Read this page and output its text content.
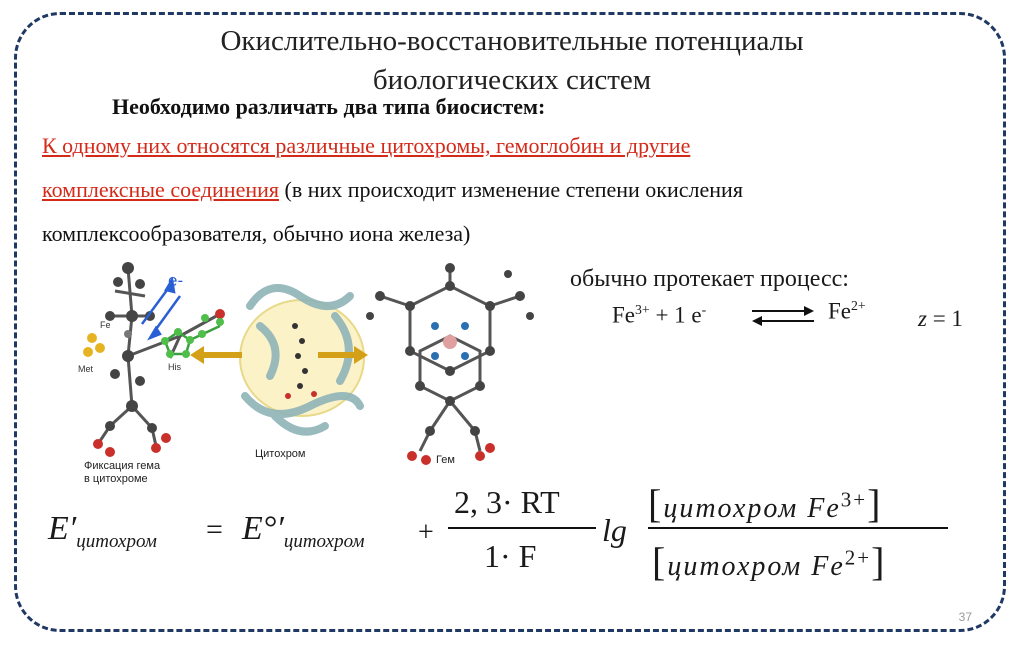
Окислительно-восстановительные потенциалы
биологических систем
Необходимо различать два типа биосистем:
К одному них относятся различные цитохромы, гемоглобин и другие
комплексные соединения (в них происходит изменение степени окисления
комплексообразователя, обычно иона железа)
e-
Fe
Met	His
Фиксация гема
в цитохроме
Цитохром	Гем
обычно протекает процесс:
$Fe^{3+} + 1$ e-	$Fe^{2+}$
z = 1
$E'_{цитохром} = E^\circ'_{цитохром}$ +
2, 3· RT
1· F
lg
[цитохром $Fe^{3+}$]
[цитохром $Fe^{2+}$]
37
